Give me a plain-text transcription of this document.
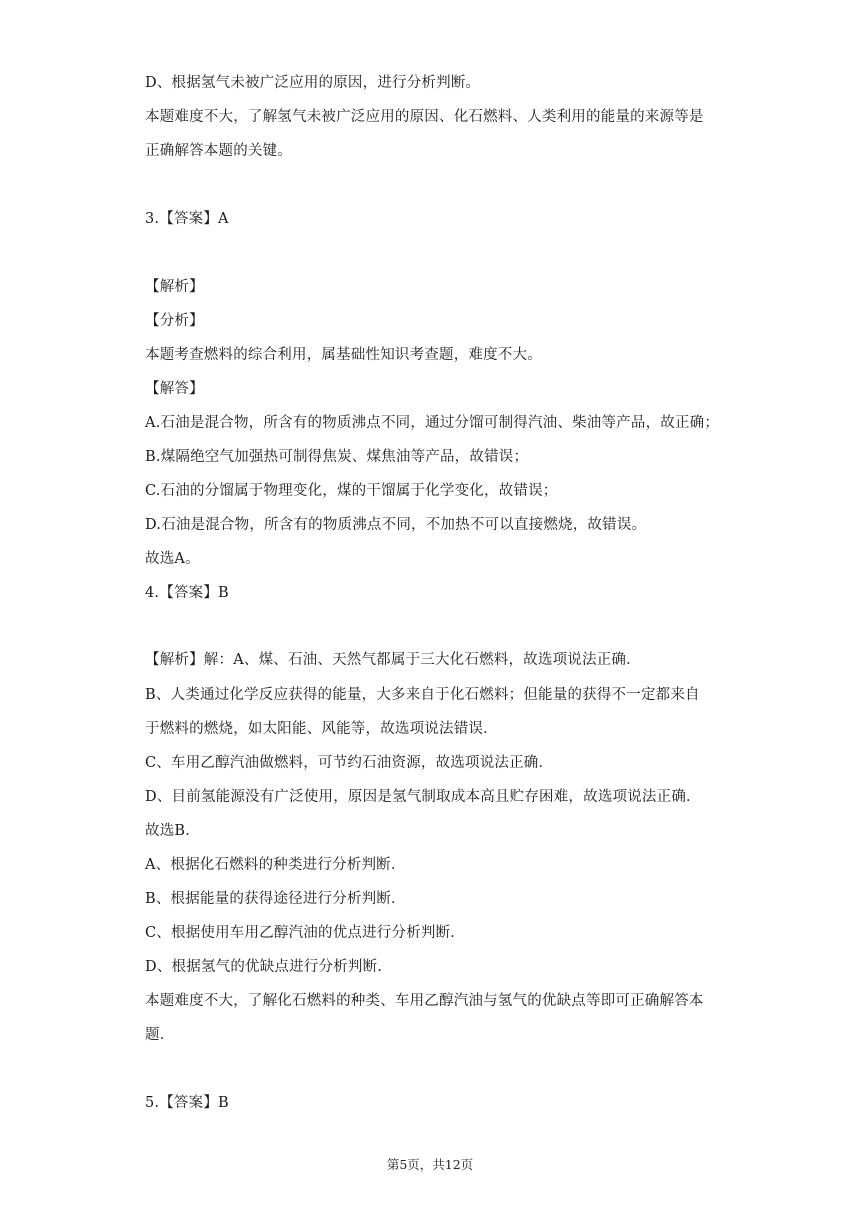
D、根据氢气未被广泛应用的原因，进行分析判断。
本题难度不大，了解氢气未被广泛应用的原因、化石燃料、人类利用的能量的来源等是
正确解答本题的关键。
3.【答案】A
【解析】
【分析】
本题考查燃料的综合利用，属基础性知识考查题，难度不大。
【解答】
A.石油是混合物，所含有的物质沸点不同，通过分馏可制得汽油、柴油等产品，故正确；
B.煤隔绝空气加强热可制得焦炭、煤焦油等产品，故错误；
C.石油的分馏属于物理变化，煤的干馏属于化学变化，故错误；
D.石油是混合物，所含有的物质沸点不同，不加热不可以直接燃烧，故错误。
故选A。
4.【答案】B
【解析】解：A、煤、石油、天然气都属于三大化石燃料，故选项说法正确．
B、人类通过化学反应获得的能量，大多来自于化石燃料；但能量的获得不一定都来自
于燃料的燃烧，如太阳能、风能等，故选项说法错误．
C、车用乙醇汽油做燃料，可节约石油资源，故选项说法正确．
D、目前氢能源没有广泛使用，原因是氢气制取成本高且贮存困难，故选项说法正确．
故选B．
A、根据化石燃料的种类进行分析判断．
B、根据能量的获得途径进行分析判断．
C、根据使用车用乙醇汽油的优点进行分析判断．
D、根据氢气的优缺点进行分析判断．
本题难度不大，了解化石燃料的种类、车用乙醇汽油与氢气的优缺点等即可正确解答本
题．
5.【答案】B
第5页，共12页
